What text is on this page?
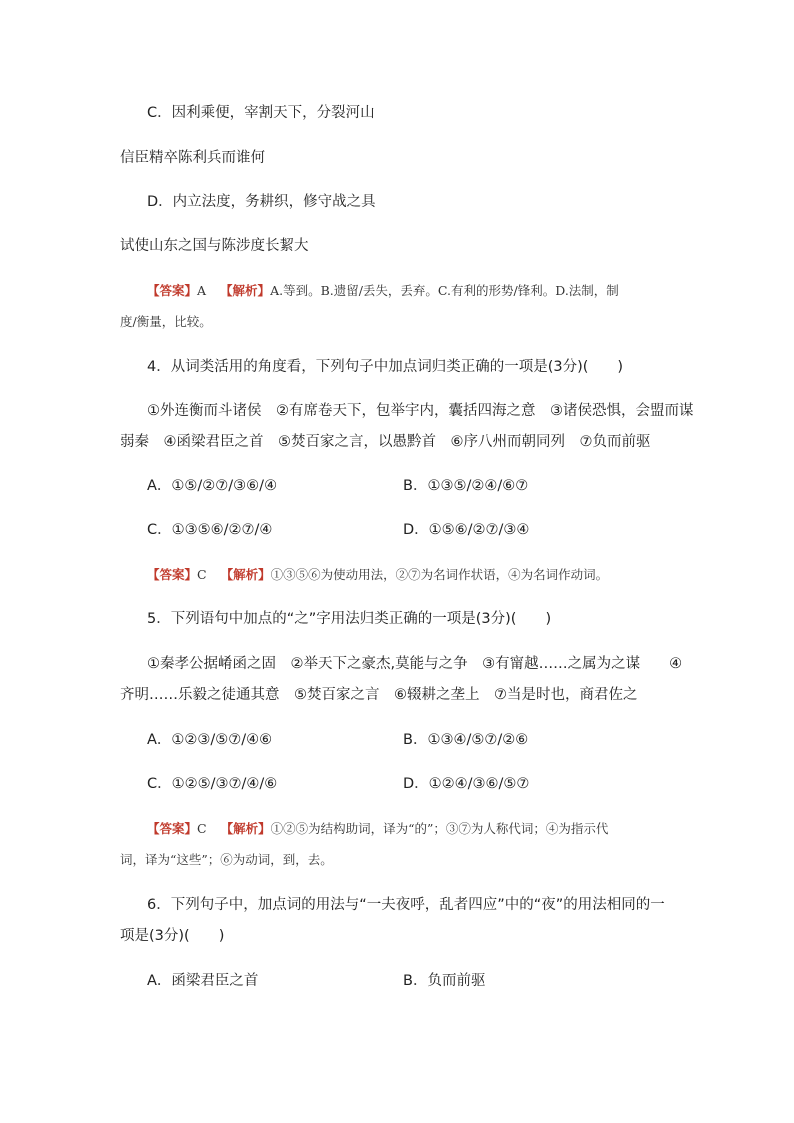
C．因利乘便，宰割天下，分裂河山
信臣精卒陈利兵而谁何
D．内立法度，务耕织，修守战之具
试使山东之国与陈涉度长絜大
【答案】A 【解析】A.等到。B.遗留/丢失，丢弃。C.有利的形势/锋利。D.法制，制
度/衡量，比较。
4．从词类活用的角度看，下列句子中加点词归类正确的一项是(3分)(　　)
①外连衡而斗诸侯　②有席卷天下，包举宇内，囊括四海之意　③诸侯恐惧，会盟而谋
弱秦　④函梁君臣之首　⑤焚百家之言，以愚黔首　⑥序八州而朝同列　⑦负而前驱
A．①⑤/②⑦/③⑥/④	B．①③⑤/②④/⑥⑦
C．①③⑤⑥/②⑦/④	D．①⑤⑥/②⑦/③④
【答案】C 【解析】①③⑤⑥为使动用法，②⑦为名词作状语，④为名词作动词。
5．下列语句中加点的“之”字用法归类正确的一项是(3分)(　　)
①秦孝公据崤函之固　②举天下之豪杰,莫能与之争　③有甯越……之属为之谋　　④
齐明……乐毅之徒通其意　⑤焚百家之言　⑥辍耕之垄上　⑦当是时也，商君佐之
A．①②③/⑤⑦/④⑥	B．①③④/⑤⑦/②⑥
C．①②⑤/③⑦/④/⑥	D．①②④/③⑥/⑤⑦
【答案】C 【解析】①②⑤为结构助词，译为“的”；③⑦为人称代词；④为指示代
词，译为“这些”；⑥为动词，到，去。
6．下列句子中，加点词的用法与“一夫夜呼，乱者四应”中的“夜”的用法相同的一
项是(3分)(　　)
A．函梁君臣之首	B．负而前驱
